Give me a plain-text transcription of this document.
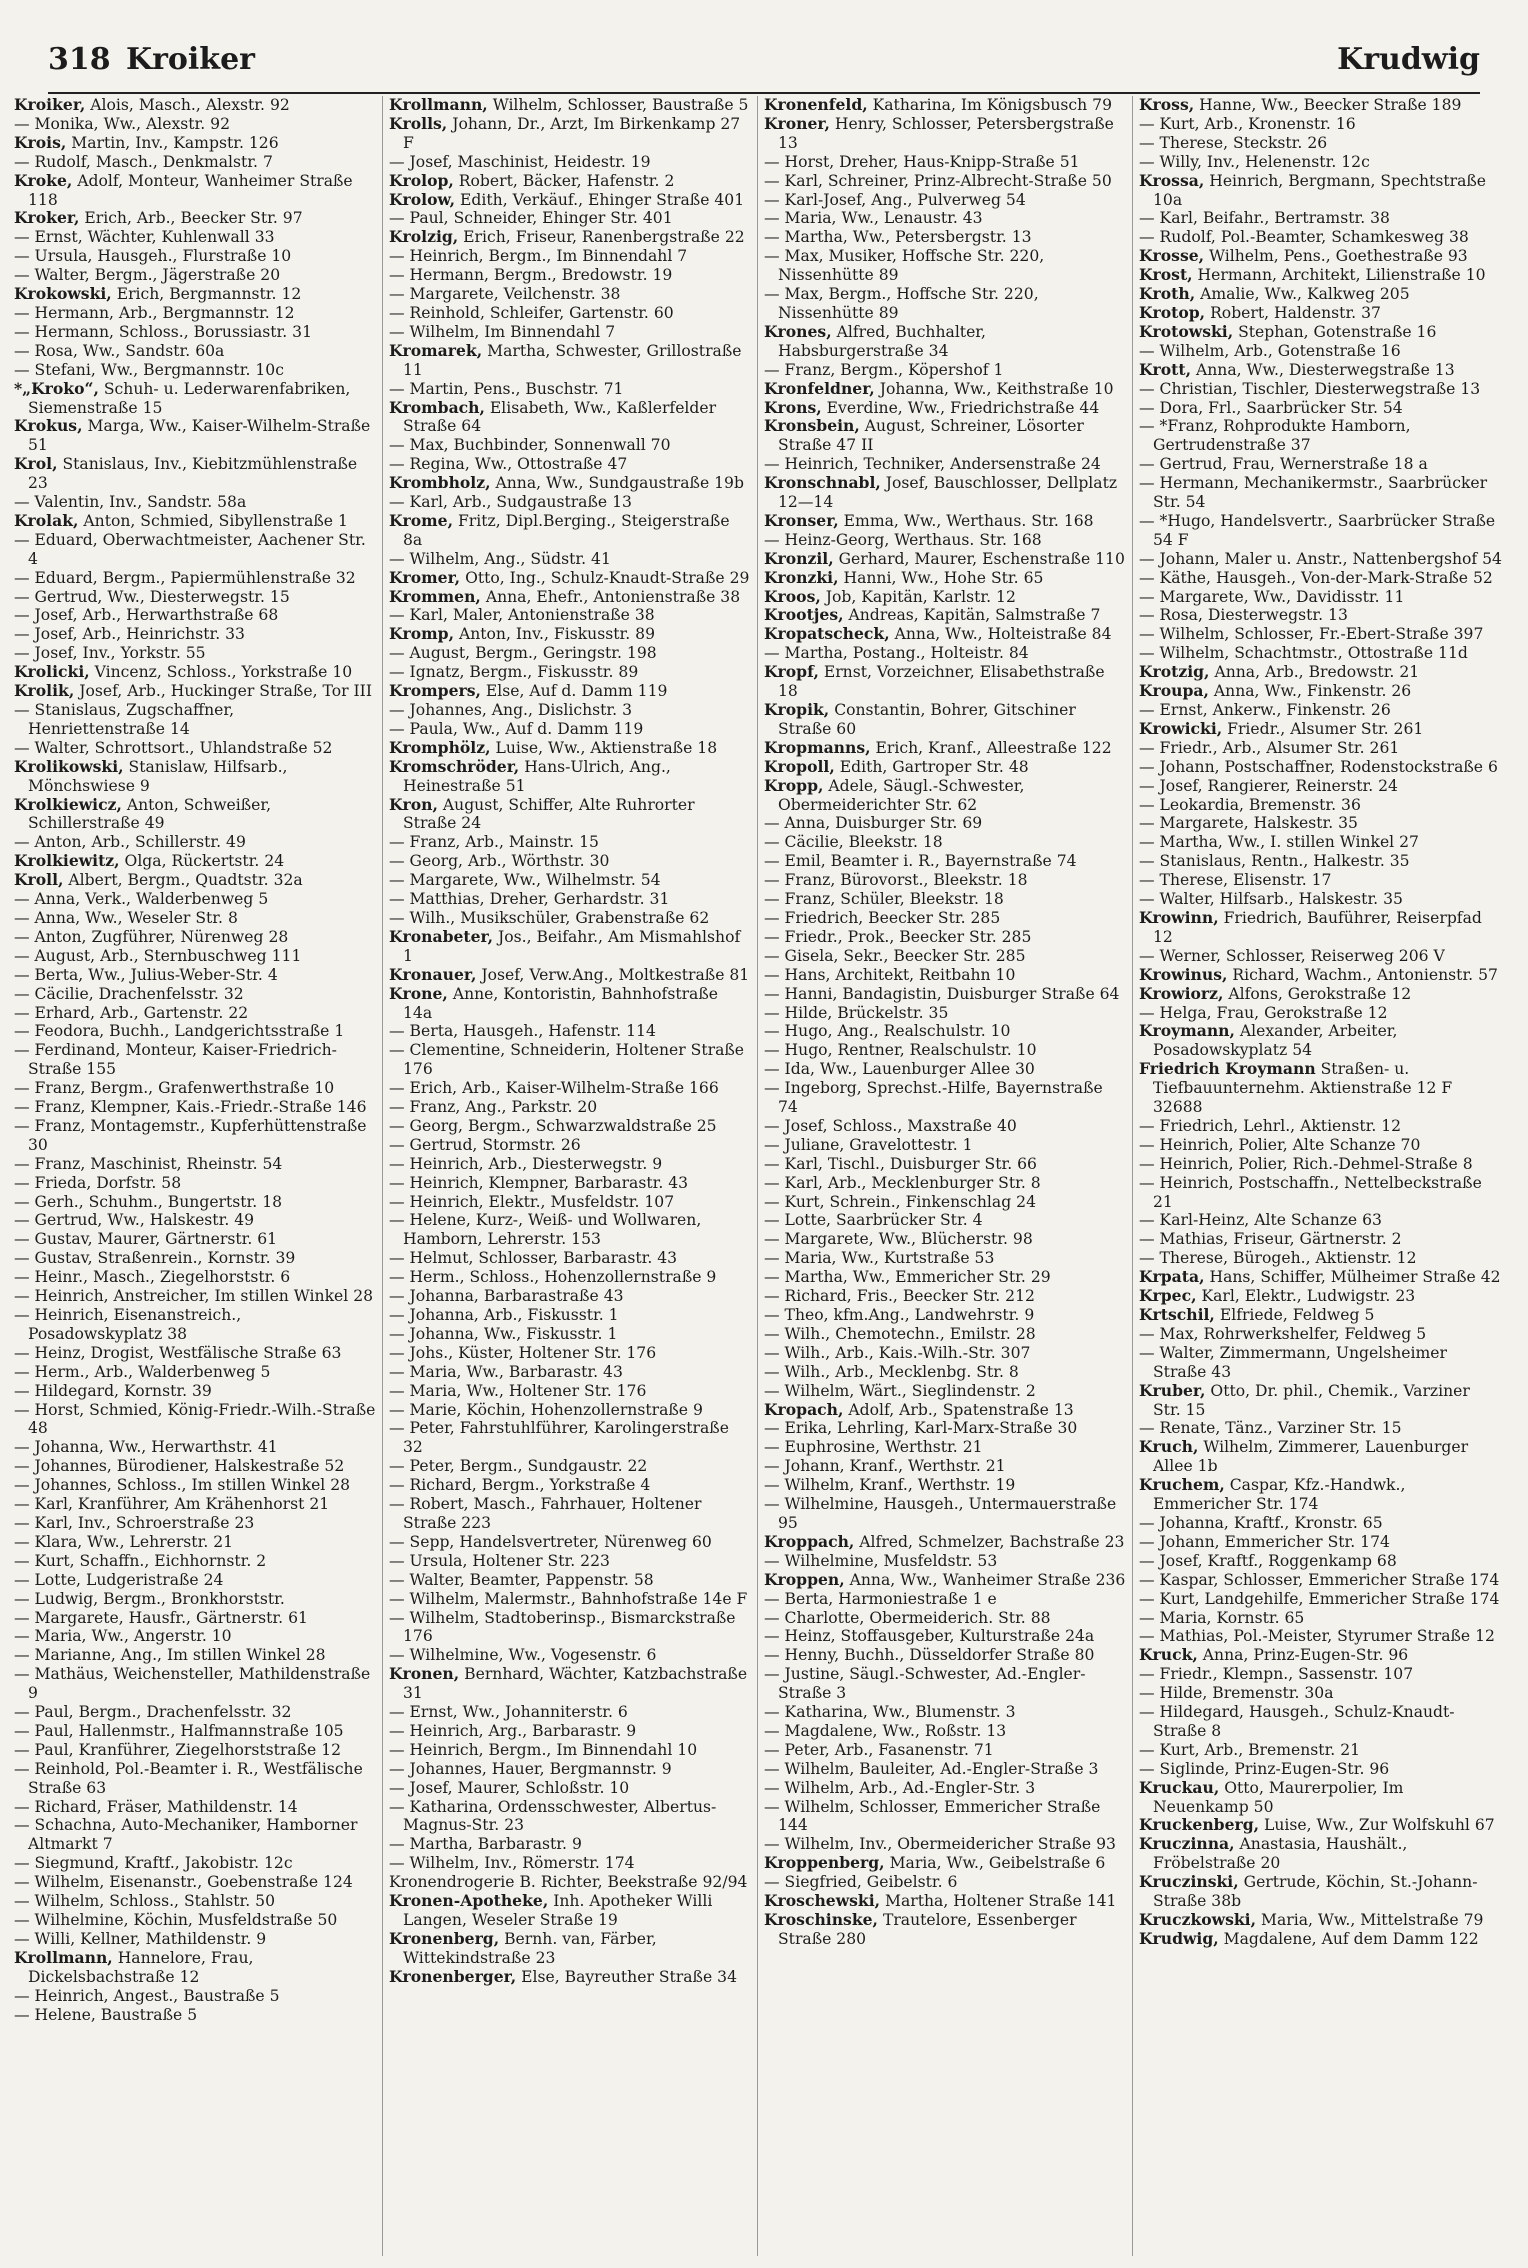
318 Kroiker	Krudwig

Kroiker, Alois, Masch., Alexstr. 92

— Monika, Ww., Alexstr. 92

Krois, Martin, Inv., Kampstr. 126

— Rudolf, Masch., Denkmalstr. 7

Kroke, Adolf, Monteur, Wanheimer Straße 118

Kroker, Erich, Arb., Beecker Str. 97

— Ernst, Wächter, Kuhlenwall 33

— Ursula, Hausgeh., Flurstraße 10

— Walter, Bergm., Jägerstraße 20

Krokowski, Erich, Bergmannstr. 12

— Hermann, Arb., Bergmannstr. 12

— Hermann, Schloss., Borussiastr. 31

— Rosa, Ww., Sandstr. 60a

— Stefani, Ww., Bergmannstr. 10c

*„Kroko“, Schuh- u. Lederwarenfabriken, Siemenstraße 15

Krokus, Marga, Ww., Kaiser-Wilhelm-Straße 51

Krol, Stanislaus, Inv., Kiebitzmühlenstraße 23

— Valentin, Inv., Sandstr. 58a

Krolak, Anton, Schmied, Sibyllenstraße 1

— Eduard, Oberwachtmeister, Aachener Str. 4

— Eduard, Bergm., Papiermühlenstraße 32

— Gertrud, Ww., Diesterwegstr. 15

— Josef, Arb., Herwarthstraße 68

— Josef, Arb., Heinrichstr. 33

— Josef, Inv., Yorkstr. 55

Krolicki, Vincenz, Schloss., Yorkstraße 10

Krolik, Josef, Arb., Huckinger Straße, Tor III

— Stanislaus, Zugschaffner, Henriettenstraße 14

— Walter, Schrottsort., Uhlandstraße 52

Krolikowski, Stanislaw, Hilfsarb., Mönchswiese 9

Krolkiewicz, Anton, Schweißer, Schillerstraße 49

— Anton, Arb., Schillerstr. 49

Krolkiewitz, Olga, Rückertstr. 24

Kroll, Albert, Bergm., Quadtstr. 32a

— Anna, Verk., Walderbenweg 5

— Anna, Ww., Weseler Str. 8

— Anton, Zugführer, Nürenweg 28

— August, Arb., Sternbuschweg 111

— Berta, Ww., Julius-Weber-Str. 4

— Cäcilie, Drachenfelsstr. 32

— Erhard, Arb., Gartenstr. 22

— Feodora, Buchh., Landgerichtsstraße 1

— Ferdinand, Monteur, Kaiser-Friedrich-Straße 155

— Franz, Bergm., Grafenwerthstraße 10

— Franz, Klempner, Kais.-Friedr.-Straße 146

— Franz, Montagemstr., Kupferhüttenstraße 30

— Franz, Maschinist, Rheinstr. 54

— Frieda, Dorfstr. 58

— Gerh., Schuhm., Bungertstr. 18

— Gertrud, Ww., Halskestr. 49

— Gustav, Maurer, Gärtnerstr. 61

— Gustav, Straßenrein., Kornstr. 39

— Heinr., Masch., Ziegelhorststr. 6

— Heinrich, Anstreicher, Im stillen Winkel 28

— Heinrich, Eisenanstreich., Posadowskyplatz 38

— Heinz, Drogist, Westfälische Straße 63

— Herm., Arb., Walderbenweg 5

— Hildegard, Kornstr. 39

— Horst, Schmied, König-Friedr.-Wilh.-Straße 48

— Johanna, Ww., Herwarthstr. 41

— Johannes, Bürodiener, Halskestraße 52

— Johannes, Schloss., Im stillen Winkel 28

— Karl, Kranführer, Am Krähenhorst 21

— Karl, Inv., Schroerstraße 23

— Klara, Ww., Lehrerstr. 21

— Kurt, Schaffn., Eichhornstr. 2

— Lotte, Ludgeristraße 24

— Ludwig, Bergm., Bronkhorststr.

— Margarete, Hausfr., Gärtnerstr. 61

— Maria, Ww., Angerstr. 10

— Marianne, Ang., Im stillen Winkel 28

— Mathäus, Weichensteller, Mathildenstraße 9

— Paul, Bergm., Drachenfelsstr. 32

— Paul, Hallenmstr., Halfmannstraße 105

— Paul, Kranführer, Ziegelhorststraße 12

— Reinhold, Pol.-Beamter i. R., Westfälische Straße 63

— Richard, Fräser, Mathildenstr. 14

— Schachna, Auto-Mechaniker, Hamborner Altmarkt 7

— Siegmund, Kraftf., Jakobistr. 12c

— Wilhelm, Eisenanstr., Goebenstraße 124

— Wilhelm, Schloss., Stahlstr. 50

— Wilhelmine, Köchin, Musfeldstraße 50

— Willi, Kellner, Mathildenstr. 9

Krollmann, Hannelore, Frau, Dickelsbachstraße 12

— Heinrich, Angest., Baustraße 5

— Helene, Baustraße 5

Krollmann, Wilhelm, Schlosser, Baustraße 5

Krolls, Johann, Dr., Arzt, Im Birkenkamp 27 F

— Josef, Maschinist, Heidestr. 19

Krolop, Robert, Bäcker, Hafenstr. 2

Krolow, Edith, Verkäuf., Ehinger Straße 401

— Paul, Schneider, Ehinger Str. 401

Krolzig, Erich, Friseur, Ranenbergstraße 22

— Heinrich, Bergm., Im Binnendahl 7

— Hermann, Bergm., Bredowstr. 19

— Margarete, Veilchenstr. 38

— Reinhold, Schleifer, Gartenstr. 60

— Wilhelm, Im Binnendahl 7

Kromarek, Martha, Schwester, Grillostraße 11

— Martin, Pens., Buschstr. 71

Krombach, Elisabeth, Ww., Kaßlerfelder Straße 64

— Max, Buchbinder, Sonnenwall 70

— Regina, Ww., Ottostraße 47

Krombholz, Anna, Ww., Sundgaustraße 19b

— Karl, Arb., Sudgaustraße 13

Krome, Fritz, Dipl.Berging., Steigerstraße 8a

— Wilhelm, Ang., Südstr. 41

Kromer, Otto, Ing., Schulz-Knaudt-Straße 29

Krommen, Anna, Ehefr., Antonienstraße 38

— Karl, Maler, Antonienstraße 38

Kromp, Anton, Inv., Fiskusstr. 89

— August, Bergm., Geringstr. 198

— Ignatz, Bergm., Fiskusstr. 89

Krompers, Else, Auf d. Damm 119

— Johannes, Ang., Dislichstr. 3

— Paula, Ww., Auf d. Damm 119

Kromphölz, Luise, Ww., Aktienstraße 18

Kromschröder, Hans-Ulrich, Ang., Heinestraße 51

Kron, August, Schiffer, Alte Ruhrorter Straße 24

— Franz, Arb., Mainstr. 15

— Georg, Arb., Wörthstr. 30

— Margarete, Ww., Wilhelmstr. 54

— Matthias, Dreher, Gerhardstr. 31

— Wilh., Musikschüler, Grabenstraße 62

Kronabeter, Jos., Beifahr., Am Mismahlshof 1

Kronauer, Josef, Verw.Ang., Moltkestraße 81

Krone, Anne, Kontoristin, Bahnhofstraße 14a

— Berta, Hausgeh., Hafenstr. 114

— Clementine, Schneiderin, Holtener Straße 176

— Erich, Arb., Kaiser-Wilhelm-Straße 166

— Franz, Ang., Parkstr. 20

— Georg, Bergm., Schwarzwaldstraße 25

— Gertrud, Stormstr. 26

— Heinrich, Arb., Diesterwegstr. 9

— Heinrich, Klempner, Barbarastr. 43

— Heinrich, Elektr., Musfeldstr. 107

— Helene, Kurz-, Weiß- und Wollwaren, Hamborn, Lehrerstr. 153

— Helmut, Schlosser, Barbarastr. 43

— Herm., Schloss., Hohenzollernstraße 9

— Johanna, Barbarastraße 43

— Johanna, Arb., Fiskusstr. 1

— Johanna, Ww., Fiskusstr. 1

— Johs., Küster, Holtener Str. 176

— Maria, Ww., Barbarastr. 43

— Maria, Ww., Holtener Str. 176

— Marie, Köchin, Hohenzollernstraße 9

— Peter, Fahrstuhlführer, Karolingerstraße 32

— Peter, Bergm., Sundgaustr. 22

— Richard, Bergm., Yorkstraße 4

— Robert, Masch., Fahrhauer, Holtener Straße 223

— Sepp, Handelsvertreter, Nürenweg 60

— Ursula, Holtener Str. 223

— Walter, Beamter, Pappenstr. 58

— Wilhelm, Malermstr., Bahnhofstraße 14e F

— Wilhelm, Stadtoberinsp., Bismarckstraße 176

— Wilhelmine, Ww., Vogesenstr. 6

Kronen, Bernhard, Wächter, Katzbachstraße 31

— Ernst, Ww., Johanniterstr. 6

— Heinrich, Arg., Barbarastr. 9

— Heinrich, Bergm., Im Binnendahl 10

— Johannes, Hauer, Bergmannstr. 9

— Josef, Maurer, Schloßstr. 10

— Katharina, Ordensschwester, Albertus-Magnus-Str. 23

— Martha, Barbarastr. 9

— Wilhelm, Inv., Römerstr. 174

Kronendrogerie B. Richter, Beekstraße 92/94

Kronen-Apotheke, Inh. Apotheker Willi Langen, Weseler Straße 19

Kronenberg, Bernh. van, Färber, Wittekindstraße 23

Kronenberger, Else, Bayreuther Straße 34

Kronenfeld, Katharina, Im Königsbusch 79

Kroner, Henry, Schlosser, Petersbergstraße 13

— Horst, Dreher, Haus-Knipp-Straße 51

— Karl, Schreiner, Prinz-Albrecht-Straße 50

— Karl-Josef, Ang., Pulverweg 54

— Maria, Ww., Lenaustr. 43

— Martha, Ww., Petersbergstr. 13

— Max, Musiker, Hoffsche Str. 220, Nissenhütte 89

— Max, Bergm., Hoffsche Str. 220, Nissenhütte 89

Krones, Alfred, Buchhalter, Habsburgerstraße 34

— Franz, Bergm., Köpershof 1

Kronfeldner, Johanna, Ww., Keithstraße 10

Krons, Everdine, Ww., Friedrichstraße 44

Kronsbein, August, Schreiner, Lösorter Straße 47 II

— Heinrich, Techniker, Andersenstraße 24

Kronschnabl, Josef, Bauschlosser, Dellplatz 12—14

Kronser, Emma, Ww., Werthaus. Str. 168

— Heinz-Georg, Werthaus. Str. 168

Kronzil, Gerhard, Maurer, Eschenstraße 110

Kronzki, Hanni, Ww., Hohe Str. 65

Kroos, Job, Kapitän, Karlstr. 12

Krootjes, Andreas, Kapitän, Salmstraße 7

Kropatscheck, Anna, Ww., Holteistraße 84

— Martha, Postang., Holteistr. 84

Kropf, Ernst, Vorzeichner, Elisabethstraße 18

Kropik, Constantin, Bohrer, Gitschiner Straße 60

Kropmanns, Erich, Kranf., Alleestraße 122

Kropoll, Edith, Gartroper Str. 48

Kropp, Adele, Säugl.-Schwester, Obermeiderichter Str. 62

— Anna, Duisburger Str. 69

— Cäcilie, Bleekstr. 18

— Emil, Beamter i. R., Bayernstraße 74

— Franz, Bürovorst., Bleekstr. 18

— Franz, Schüler, Bleekstr. 18

— Friedrich, Beecker Str. 285

— Friedr., Prok., Beecker Str. 285

— Gisela, Sekr., Beecker Str. 285

— Hans, Architekt, Reitbahn 10

— Hanni, Bandagistin, Duisburger Straße 64

— Hilde, Brückelstr. 35

— Hugo, Ang., Realschulstr. 10

— Hugo, Rentner, Realschulstr. 10

— Ida, Ww., Lauenburger Allee 30

— Ingeborg, Sprechst.-Hilfe, Bayernstraße 74

— Josef, Schloss., Maxstraße 40

— Juliane, Gravelottestr. 1

— Karl, Tischl., Duisburger Str. 66

— Karl, Arb., Mecklenburger Str. 8

— Kurt, Schrein., Finkenschlag 24

— Lotte, Saarbrücker Str. 4

— Margarete, Ww., Blücherstr. 98

— Maria, Ww., Kurtstraße 53

— Martha, Ww., Emmericher Str. 29

— Richard, Fris., Beecker Str. 212

— Theo, kfm.Ang., Landwehrstr. 9

— Wilh., Chemotechn., Emilstr. 28

— Wilh., Arb., Kais.-Wilh.-Str. 307

— Wilh., Arb., Mecklenbg. Str. 8

— Wilhelm, Wärt., Sieglindenstr. 2

Kropach, Adolf, Arb., Spatenstraße 13

— Erika, Lehrling, Karl-Marx-Straße 30

— Euphrosine, Werthstr. 21

— Johann, Kranf., Werthstr. 21

— Wilhelm, Kranf., Werthstr. 19

— Wilhelmine, Hausgeh., Untermauerstraße 95

Kroppach, Alfred, Schmelzer, Bachstraße 23

— Wilhelmine, Musfeldstr. 53

Kroppen, Anna, Ww., Wanheimer Straße 236

— Berta, Harmoniestraße 1 e

— Charlotte, Obermeiderich. Str. 88

— Heinz, Stoffausgeber, Kulturstraße 24a

— Henny, Buchh., Düsseldorfer Straße 80

— Justine, Säugl.-Schwester, Ad.-Engler-Straße 3

— Katharina, Ww., Blumenstr. 3

— Magdalene, Ww., Roßstr. 13

— Peter, Arb., Fasanenstr. 71

— Wilhelm, Bauleiter, Ad.-Engler-Straße 3

— Wilhelm, Arb., Ad.-Engler-Str. 3

— Wilhelm, Schlosser, Emmericher Straße 144

— Wilhelm, Inv., Obermeidericher Straße 93

Kroppenberg, Maria, Ww., Geibelstraße 6

— Siegfried, Geibelstr. 6

Kroschewski, Martha, Holtener Straße 141

Kroschinske, Trautelore, Essenberger Straße 280

Kross, Hanne, Ww., Beecker Straße 189

— Kurt, Arb., Kronenstr. 16

— Therese, Steckstr. 26

— Willy, Inv., Helenenstr. 12c

Krossa, Heinrich, Bergmann, Spechtstraße 10a

— Karl, Beifahr., Bertramstr. 38

— Rudolf, Pol.-Beamter, Schamkesweg 38

Krosse, Wilhelm, Pens., Goethestraße 93

Krost, Hermann, Architekt, Lilienstraße 10

Kroth, Amalie, Ww., Kalkweg 205

Krotop, Robert, Haldenstr. 37

Krotowski, Stephan, Gotenstraße 16

— Wilhelm, Arb., Gotenstraße 16

Krott, Anna, Ww., Diesterwegstraße 13

— Christian, Tischler, Diesterwegstraße 13

— Dora, Frl., Saarbrücker Str. 54

— *Franz, Rohprodukte Hamborn, Gertrudenstraße 37

— Gertrud, Frau, Wernerstraße 18 a

— Hermann, Mechanikermstr., Saarbrücker Str. 54

— *Hugo, Handelsvertr., Saarbrücker Straße 54 F

— Johann, Maler u. Anstr., Nattenbergshof 54

— Käthe, Hausgeh., Von-der-Mark-Straße 52

— Margarete, Ww., Davidisstr. 11

— Rosa, Diesterwegstr. 13

— Wilhelm, Schlosser, Fr.-Ebert-Straße 397

— Wilhelm, Schachtmstr., Ottostraße 11d

Krotzig, Anna, Arb., Bredowstr. 21

Kroupa, Anna, Ww., Finkenstr. 26

— Ernst, Ankerw., Finkenstr. 26

Krowicki, Friedr., Alsumer Str. 261

— Friedr., Arb., Alsumer Str. 261

— Johann, Postschaffner, Rodenstockstraße 6

— Josef, Rangierer, Reinerstr. 24

— Leokardia, Bremenstr. 36

— Margarete, Halskestr. 35

— Martha, Ww., I. stillen Winkel 27

— Stanislaus, Rentn., Halkestr. 35

— Therese, Elisenstr. 17

— Walter, Hilfsarb., Halskestr. 35

Krowinn, Friedrich, Bauführer, Reiserpfad 12

— Werner, Schlosser, Reiserweg 206 V

Krowinus, Richard, Wachm., Antonienstr. 57

Krowiorz, Alfons, Gerokstraße 12

— Helga, Frau, Gerokstraße 12

Kroymann, Alexander, Arbeiter, Posadowskyplatz 54

Friedrich Kroymann Straßen- u. Tiefbauunternehm. Aktienstraße 12 F 32688

— Friedrich, Lehrl., Aktienstr. 12

— Heinrich, Polier, Alte Schanze 70

— Heinrich, Polier, Rich.-Dehmel-Straße 8

— Heinrich, Postschaffn., Nettelbeckstraße 21

— Karl-Heinz, Alte Schanze 63

— Mathias, Friseur, Gärtnerstr. 2

— Therese, Bürogeh., Aktienstr. 12

Krpata, Hans, Schiffer, Mülheimer Straße 42

Krpec, Karl, Elektr., Ludwigstr. 23

Krtschil, Elfriede, Feldweg 5

— Max, Rohrwerkshelfer, Feldweg 5

— Walter, Zimmermann, Ungelsheimer Straße 43

Kruber, Otto, Dr. phil., Chemik., Varziner Str. 15

— Renate, Tänz., Varziner Str. 15

Kruch, Wilhelm, Zimmerer, Lauenburger Allee 1b

Kruchem, Caspar, Kfz.-Handwk., Emmericher Str. 174

— Johanna, Kraftf., Kronstr. 65

— Johann, Emmericher Str. 174

— Josef, Kraftf., Roggenkamp 68

— Kaspar, Schlosser, Emmericher Straße 174

— Kurt, Landgehilfe, Emmericher Straße 174

— Maria, Kornstr. 65

— Mathias, Pol.-Meister, Styrumer Straße 12

Kruck, Anna, Prinz-Eugen-Str. 96

— Friedr., Klempn., Sassenstr. 107

— Hilde, Bremenstr. 30a

— Hildegard, Hausgeh., Schulz-Knaudt-Straße 8

— Kurt, Arb., Bremenstr. 21

— Siglinde, Prinz-Eugen-Str. 96

Kruckau, Otto, Maurerpolier, Im Neuenkamp 50

Kruckenberg, Luise, Ww., Zur Wolfskuhl 67

Kruczinna, Anastasia, Haushält., Fröbelstraße 20

Kruczinski, Gertrude, Köchin, St.-Johann-Straße 38b

Kruczkowski, Maria, Ww., Mittelstraße 79

Krudwig, Magdalene, Auf dem Damm 122
